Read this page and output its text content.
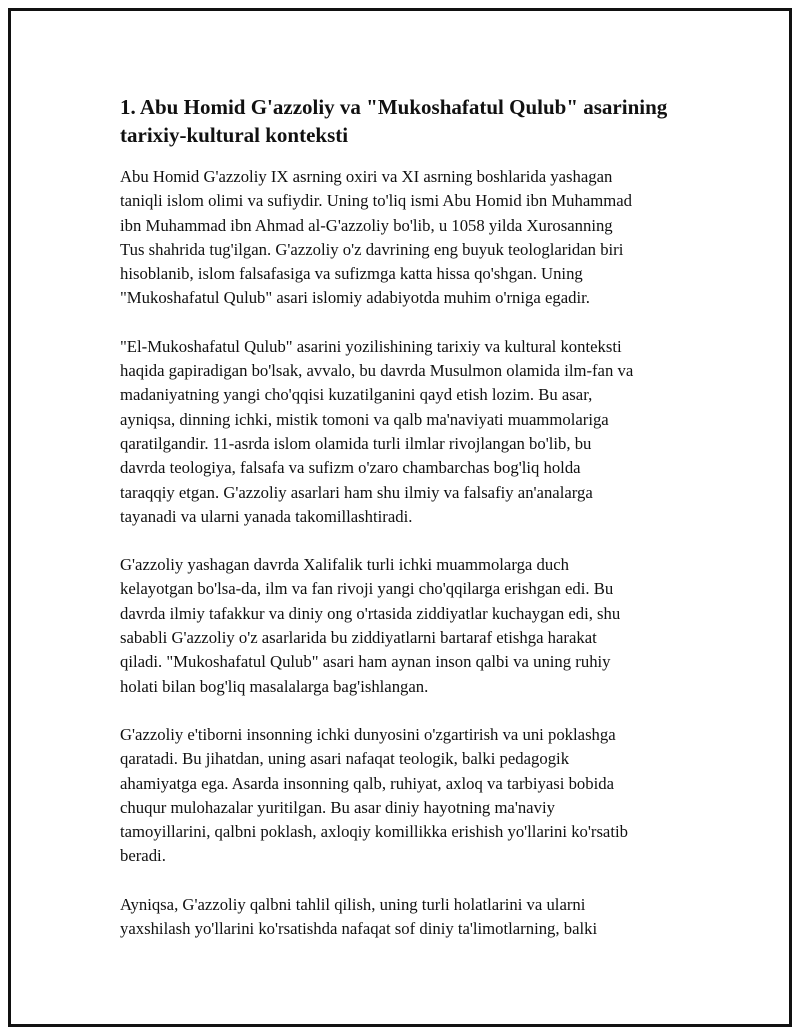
1. Abu Homid G'azzoliy va "Mukoshafatul Qulub" asarining
tarixiy-kultural konteksti

Abu Homid G'azzoliy IX asrning oxiri va XI asrning boshlarida yashagan
taniqli islom olimi va sufiydir. Uning to'liq ismi Abu Homid ibn Muhammad
ibn Muhammad ibn Ahmad al-G'azzoliy bo'lib, u 1058 yilda Xurosanning
Tus shahrida tug'ilgan. G'azzoliy o'z davrining eng buyuk teologlaridan biri
hisoblanib, islom falsafasiga va sufizmga katta hissa qo'shgan. Uning
"Mukoshafatul Qulub" asari islomiy adabiyotda muhim o'rniga egadir.

"El-Mukoshafatul Qulub" asarini yozilishining tarixiy va kultural konteksti
haqida gapiradigan bo'lsak, avvalo, bu davrda Musulmon olamida ilm-fan va
madaniyatning yangi cho'qqisi kuzatilganini qayd etish lozim. Bu asar,
ayniqsa, dinning ichki, mistik tomoni va qalb ma'naviyati muammolariga
qaratilgandir. 11-asrda islom olamida turli ilmlar rivojlangan bo'lib, bu
davrda teologiya, falsafa va sufizm o'zaro chambarchas bog'liq holda
taraqqiy etgan. G'azzoliy asarlari ham shu ilmiy va falsafiy an'analarga
tayanadi va ularni yanada takomillashtiradi.

G'azzoliy yashagan davrda Xalifalik turli ichki muammolarga duch
kelayotgan bo'lsa-da, ilm va fan rivoji yangi cho'qqilarga erishgan edi. Bu
davrda ilmiy tafakkur va diniy ong o'rtasida ziddiyatlar kuchaygan edi, shu
sababli G'azzoliy o'z asarlarida bu ziddiyatlarni bartaraf etishga harakat
qiladi. "Mukoshafatul Qulub" asari ham aynan inson qalbi va uning ruhiy
holati bilan bog'liq masalalarga bag'ishlangan.

G'azzoliy e'tiborni insonning ichki dunyosini o'zgartirish va uni poklashga
qaratadi. Bu jihatdan, uning asari nafaqat teologik, balki pedagogik
ahamiyatga ega. Asarda insonning qalb, ruhiyat, axloq va tarbiyasi bobida
chuqur mulohazalar yuritilgan. Bu asar diniy hayotning ma'naviy
tamoyillarini, qalbni poklash, axloqiy komillikka erishish yo'llarini ko'rsatib
beradi.

Ayniqsa, G'azzoliy qalbni tahlil qilish, uning turli holatlarini va ularni
yaxshilash yo'llarini ko'rsatishda nafaqat sof diniy ta'limotlarning, balki
